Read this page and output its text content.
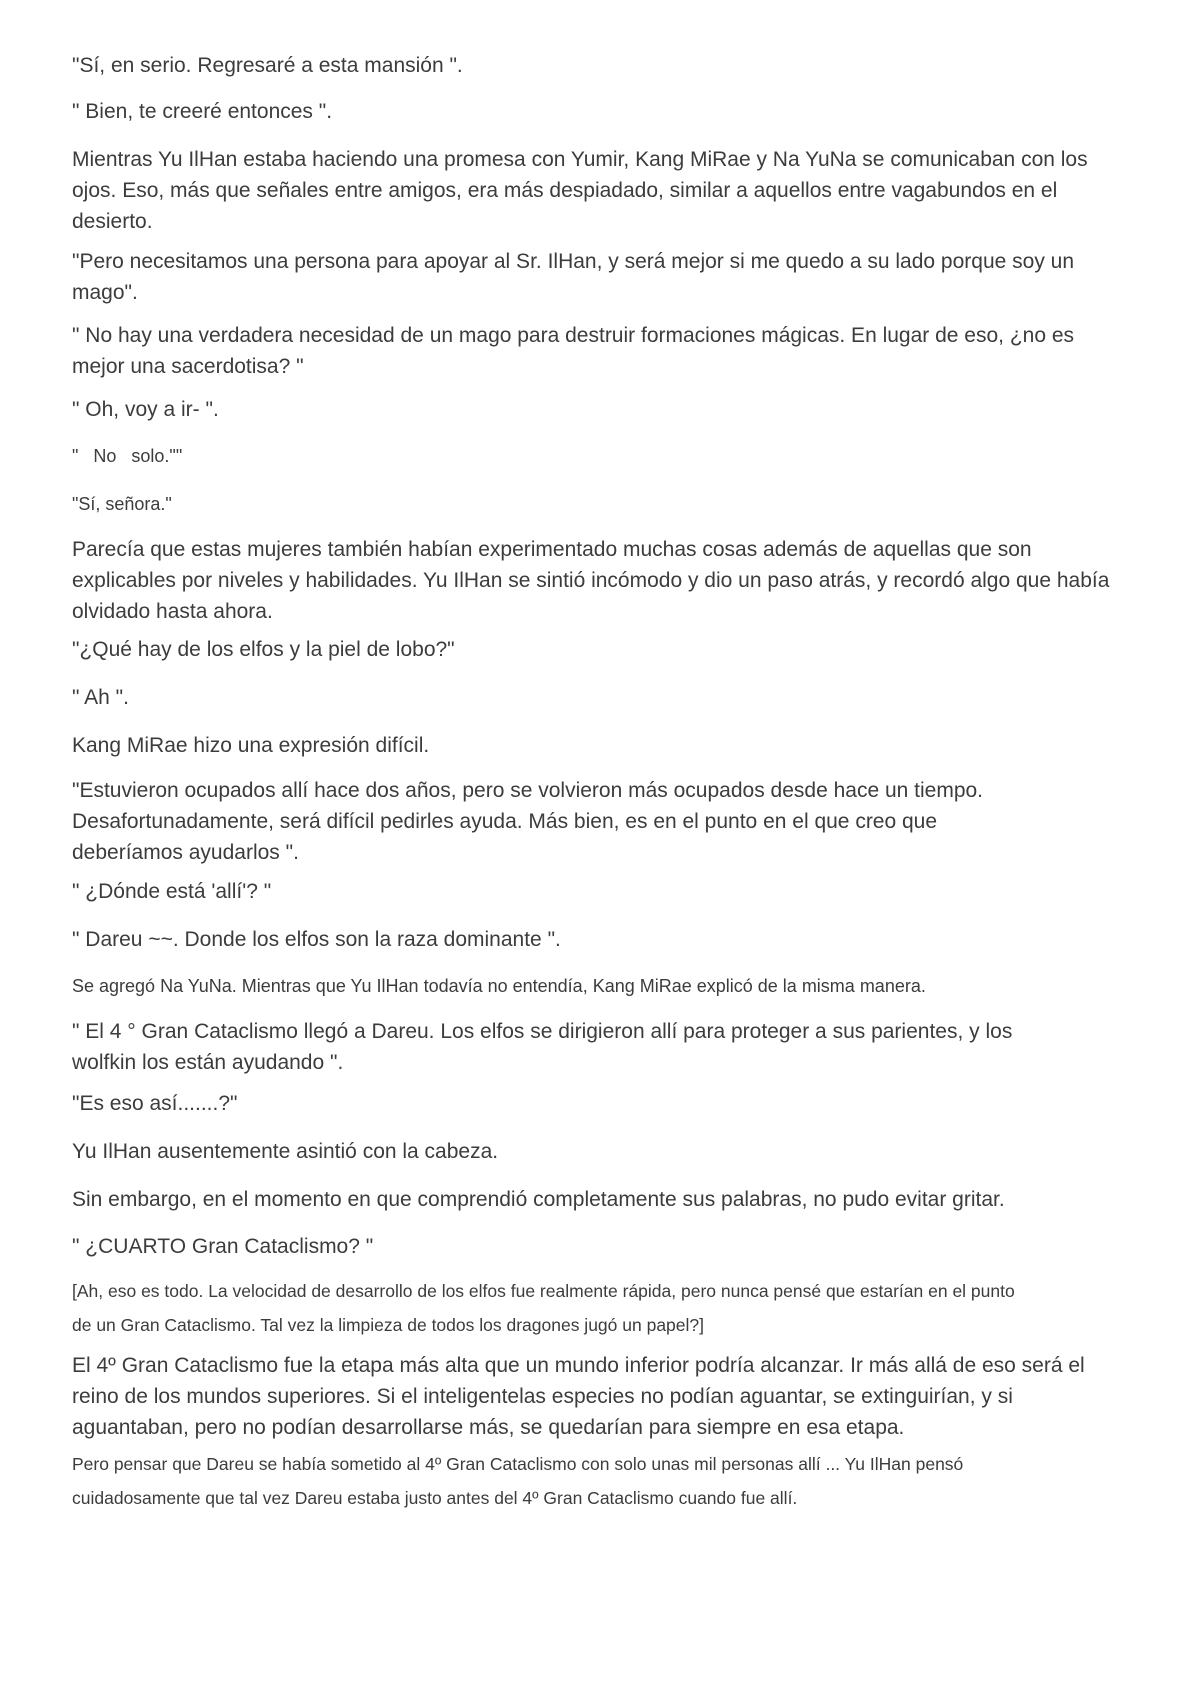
"Sí, en serio. Regresaré a esta mansión ".

" Bien, te creeré entonces ".

Mientras Yu IlHan estaba haciendo una promesa con Yumir, Kang MiRae y Na YuNa se comunicaban con los ojos. Eso, más que señales entre amigos, era más despiadado, similar a aquellos entre vagabundos en el desierto.

"Pero necesitamos una persona para apoyar al Sr. IlHan, y será mejor si me quedo a su lado porque soy un mago".

" No hay una verdadera necesidad de un mago para destruir formaciones mágicas. En lugar de eso, ¿no es mejor una sacerdotisa? "

" Oh, voy a ir- ".

"   No   solo.""

"Sí, señora."

Parecía que estas mujeres también habían experimentado muchas cosas además de aquellas que son explicables por niveles y habilidades. Yu IlHan se sintió incómodo y dio un paso atrás, y recordó algo que había olvidado hasta ahora.

"¿Qué hay de los elfos y la piel de lobo?"

" Ah ".

Kang MiRae hizo una expresión difícil.

"Estuvieron ocupados allí hace dos años, pero se volvieron más ocupados desde hace un tiempo. Desafortunadamente, será difícil pedirles ayuda. Más bien, es en el punto en el que creo que deberíamos ayudarlos ".

" ¿Dónde está 'allí'? "

" Dareu ~~. Donde los elfos son la raza dominante ".

Se agregó Na YuNa. Mientras que Yu IlHan todavía no entendía, Kang MiRae explicó de la misma manera.

" El 4 ° Gran Cataclismo llegó a Dareu. Los elfos se dirigieron allí para proteger a sus parientes, y los wolfkin los están ayudando ".

"Es eso así.......?"

Yu IlHan ausentemente asintió con la cabeza.

Sin embargo, en el momento en que comprendió completamente sus palabras, no pudo evitar gritar.

" ¿CUARTO Gran Cataclismo? "

[Ah, eso es todo. La velocidad de desarrollo de los elfos fue realmente rápida, pero nunca pensé que estarían en el punto de un Gran Cataclismo. Tal vez la limpieza de todos los dragones jugó un papel?]

El 4º Gran Cataclismo fue la etapa más alta que un mundo inferior podría alcanzar. Ir más allá de eso será el reino de los mundos superiores. Si el inteligentelas especies no podían aguantar, se extinguirían, y si aguantaban, pero no podían desarrollarse más, se quedarían para siempre en esa etapa.

Pero pensar que Dareu se había sometido al 4º Gran Cataclismo con solo unas mil personas allí ... Yu IlHan pensó cuidadosamente que tal vez Dareu estaba justo antes del 4º Gran Cataclismo cuando fue allí.
